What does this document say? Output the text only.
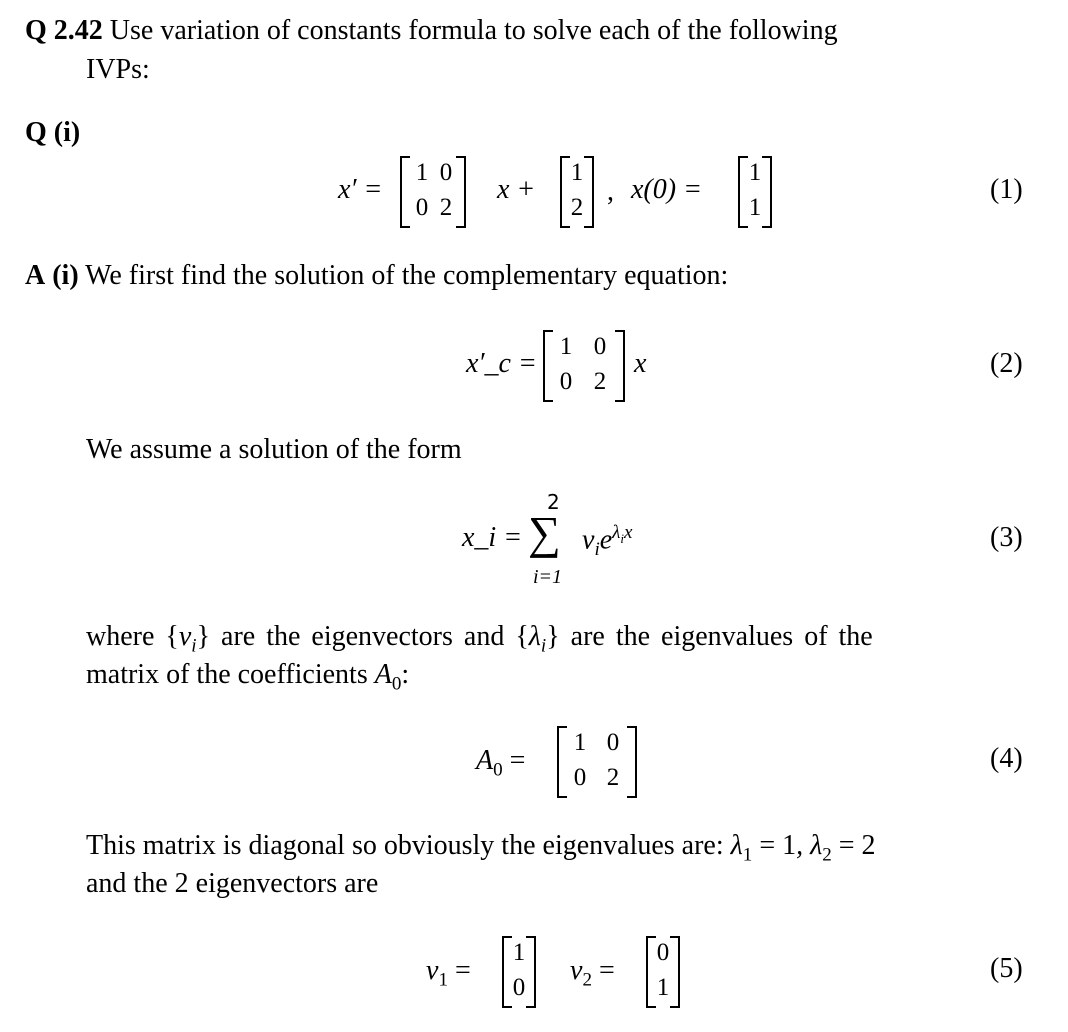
Q 2.42 Use variation of constants formula to solve each of the following
IVPs:
Q (i)
x′ =
1 0
0 2
x +
1
2
, x(0) =
1
1
(1)
A (i) We first find the solution of the complementary equation:
x′_c =
1 0
0 2
x	(2)
We assume a solution of the form
x_i =
2
∑
i=1
$v_ie^{\lambda_ix}$	(3)
where $\{v_i\}$ are the eigenvectors and $\{\lambda_i\}$ are the eigenvalues of the
matrix of the coefficients $A_0$:
$A_0$ =
1 0
0 2
(4)
This matrix is diagonal so obviously the eigenvalues are: $\lambda_1 = 1$, $\lambda_2 = 2$
and the 2 eigenvectors are
$v_1$ =
1
0
$v_2$ =
0
1
(5)
